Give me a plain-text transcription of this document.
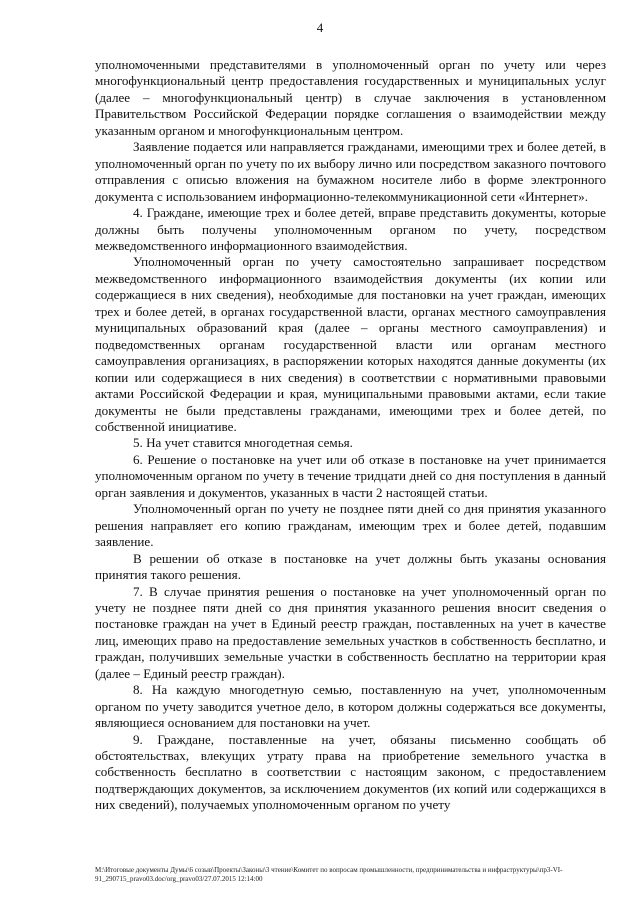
4

уполномоченными представителями в уполномоченный орган по учету или через многофункциональный центр предоставления государственных и муниципальных услуг (далее – многофункциональный центр) в случае заключения в установленном Правительством Российской Федерации порядке соглашения о взаимодействии между указанным органом и многофункциональным центром.

Заявление подается или направляется гражданами, имеющими трех и более детей, в уполномоченный орган по учету по их выбору лично или посредством заказного почтового отправления с описью вложения на бумажном носителе либо в форме электронного документа с использованием информационно-телекоммуникационной сети «Интернет».

4. Граждане, имеющие трех и более детей, вправе представить документы, которые должны быть получены уполномоченным органом по учету, посредством межведомственного информационного взаимодействия.

Уполномоченный орган по учету самостоятельно запрашивает посредством межведомственного информационного взаимодействия документы (их копии или содержащиеся в них сведения), необходимые для постановки на учет граждан, имеющих трех и более детей, в органах государственной власти, органах местного самоуправления муниципальных образований края (далее – органы местного самоуправления) и подведомственных органам государственной власти или органам местного самоуправления организациях, в распоряжении которых находятся данные документы (их копии или содержащиеся в них сведения) в соответствии с нормативными правовыми актами Российской Федерации и края, муниципальными правовыми актами, если такие документы не были представлены гражданами, имеющими трех и более детей, по собственной инициативе.

5. На учет ставится многодетная семья.

6. Решение о постановке на учет или об отказе в постановке на учет принимается уполномоченным органом по учету в течение тридцати дней со дня поступления в данный орган заявления и документов, указанных в части 2 настоящей статьи.

Уполномоченный орган по учету не позднее пяти дней со дня принятия указанного решения направляет его копию гражданам, имеющим трех и более детей, подавшим заявление.

В решении об отказе в постановке на учет должны быть указаны основания принятия такого решения.

7. В случае принятия решения о постановке на учет уполномоченный орган по учету не позднее пяти дней со дня принятия указанного решения вносит сведения о постановке граждан на учет в Единый реестр граждан, поставленных на учет в качестве лиц, имеющих право на предоставление земельных участков в собственность бесплатно, и граждан, получивших земельные участки в собственность бесплатно на территории края (далее – Единый реестр граждан).

8. На каждую многодетную семью, поставленную на учет, уполномоченным органом по учету заводится учетное дело, в котором должны содержаться все документы, являющиеся основанием для постановки на учет.

9. Граждане, поставленные на учет, обязаны письменно сообщать об обстоятельствах, влекущих утрату права на приобретение земельного участка в собственность бесплатно в соответствии с настоящим законом, с предоставлением подтверждающих документов, за исключением документов (их копий или содержащихся в них сведений), получаемых уполномоченным органом по учету

M:\Итоговые документы Думы\6 созыв\Проекты\Законы\3 чтение\Комитет по вопросам промышленности, предпринимательства и инфраструктуры\пр3-VI-91_290715_pravo03.doc/org_pravo03/27.07.2015 12:14:00
